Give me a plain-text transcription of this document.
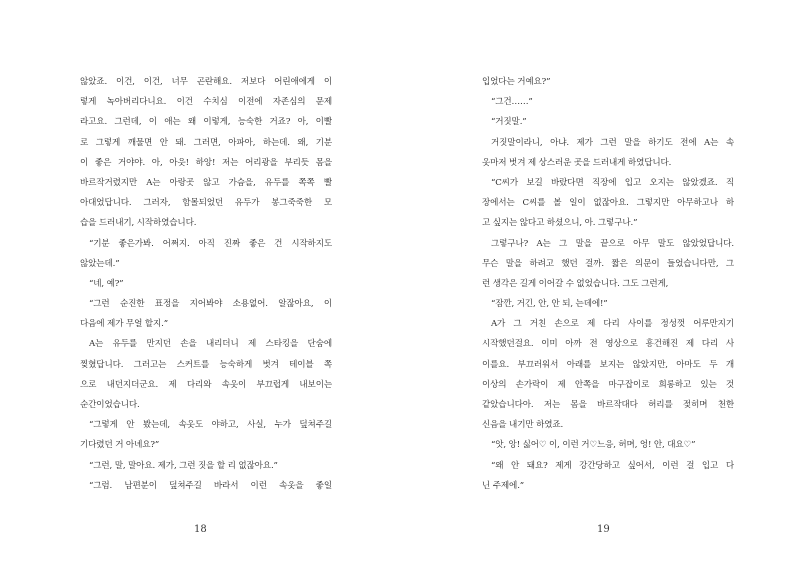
않았죠. 이건, 이건, 너무 곤란해요. 저보다 어린애에게 이
렇게 녹아버리다니요. 이건 수치심 이전에 자존심의 문제
라고요. 그런데, 이 애는 왜 이렇게, 능숙한 거죠? 아, 이빨
로 그렇게 깨물면 안 돼. 그러면, 아파아, 하는데. 왜, 기분
이 좋은 거야야. 아, 아읏! 하앙! 저는 어리광을 부리듯 몸을
바르작거렸지만 A는 아랑곳 않고 가슴을, 유두를 쪽쪽 빨
아대었답니다. 그러자, 함몰되었던 유두가 봉그죽죽한 모
습을 드러내기, 시작하였습니다.
“기분 좋은가봐. 어쩌지. 아직 진짜 좋은 건 시작하지도
않았는데.”
“네, 예?”
“그런 순진한 표정을 지어봐야 소용없어. 알잖아요, 이
다음에 제가 무얼 할지.”
A는 유두를 만지던 손을 내리더니 제 스타킹을 단숨에
찢혔답니다. 그러고는 스커트를 능숙하게 벗겨 테이블 쪽
으로 내던지더군요. 제 다리와 속옷이 부끄럽게 내보이는
순간이었습니다.
“그렇게 안 봤는데, 속옷도 야하고, 사실, 누가 덮쳐주길
기다렸던 거 아녜요?”
“그런, 말, 말아요. 제가, 그런 짓을 할 리 없잖아요.”
“그럼. 남편분이 덮쳐주길 바라서 이런 속옷을 좋일
18
입었다는 거예요?”
“그건……”
“거짓말.”
거짓말이라니, 아냐. 제가 그런 말을 하기도 전에 A는 속
옷마저 벗겨 제 상스러운 곳을 드러내게 하였답니다.
“C씨가 보길 바랐다면 직장에 입고 오지는 않았겠죠. 직
장에서는 C씨를 볼 일이 없잖아요. 그렇지만 아무하고나 하
고 싶지는 않다고 하셨으니, 아. 그렇구나.”
그렇구나? A는 그 말을 끝으로 아무 말도 않았었답니다.
무슨 말을 하려고 했던 걸까. 짧은 의문이 들었습니다만, 그
런 생각은 길게 이어갈 수 없었습니다. 그도 그런게,
“잠깐, 거긴, 안, 안 되, 는데에!”
A가 그 거친 손으로 제 다리 사이를 정성껏 어루만지기
시작했던걸요. 이미 아까 전 영상으로 흥건해진 제 다리 사
이를요. 부끄러워서 아래를 보지는 않았지만, 아마도 두 개
이상의 손가락이 제 안쪽을 마구잡이로 희롱하고 있는 것
같았습니다아. 저는 몸을 바르작대다 허리를 젖히며 천한
신음을 내기만 하였죠.
“앗, 앙! 싫어♡ 이, 이런 거♡느응, 허며, 엉! 안, 대요♡”
“왜 안 돼요? 제게 강간당하고 싶어서, 이런 걸 입고 다
닌 주제에.”
19
